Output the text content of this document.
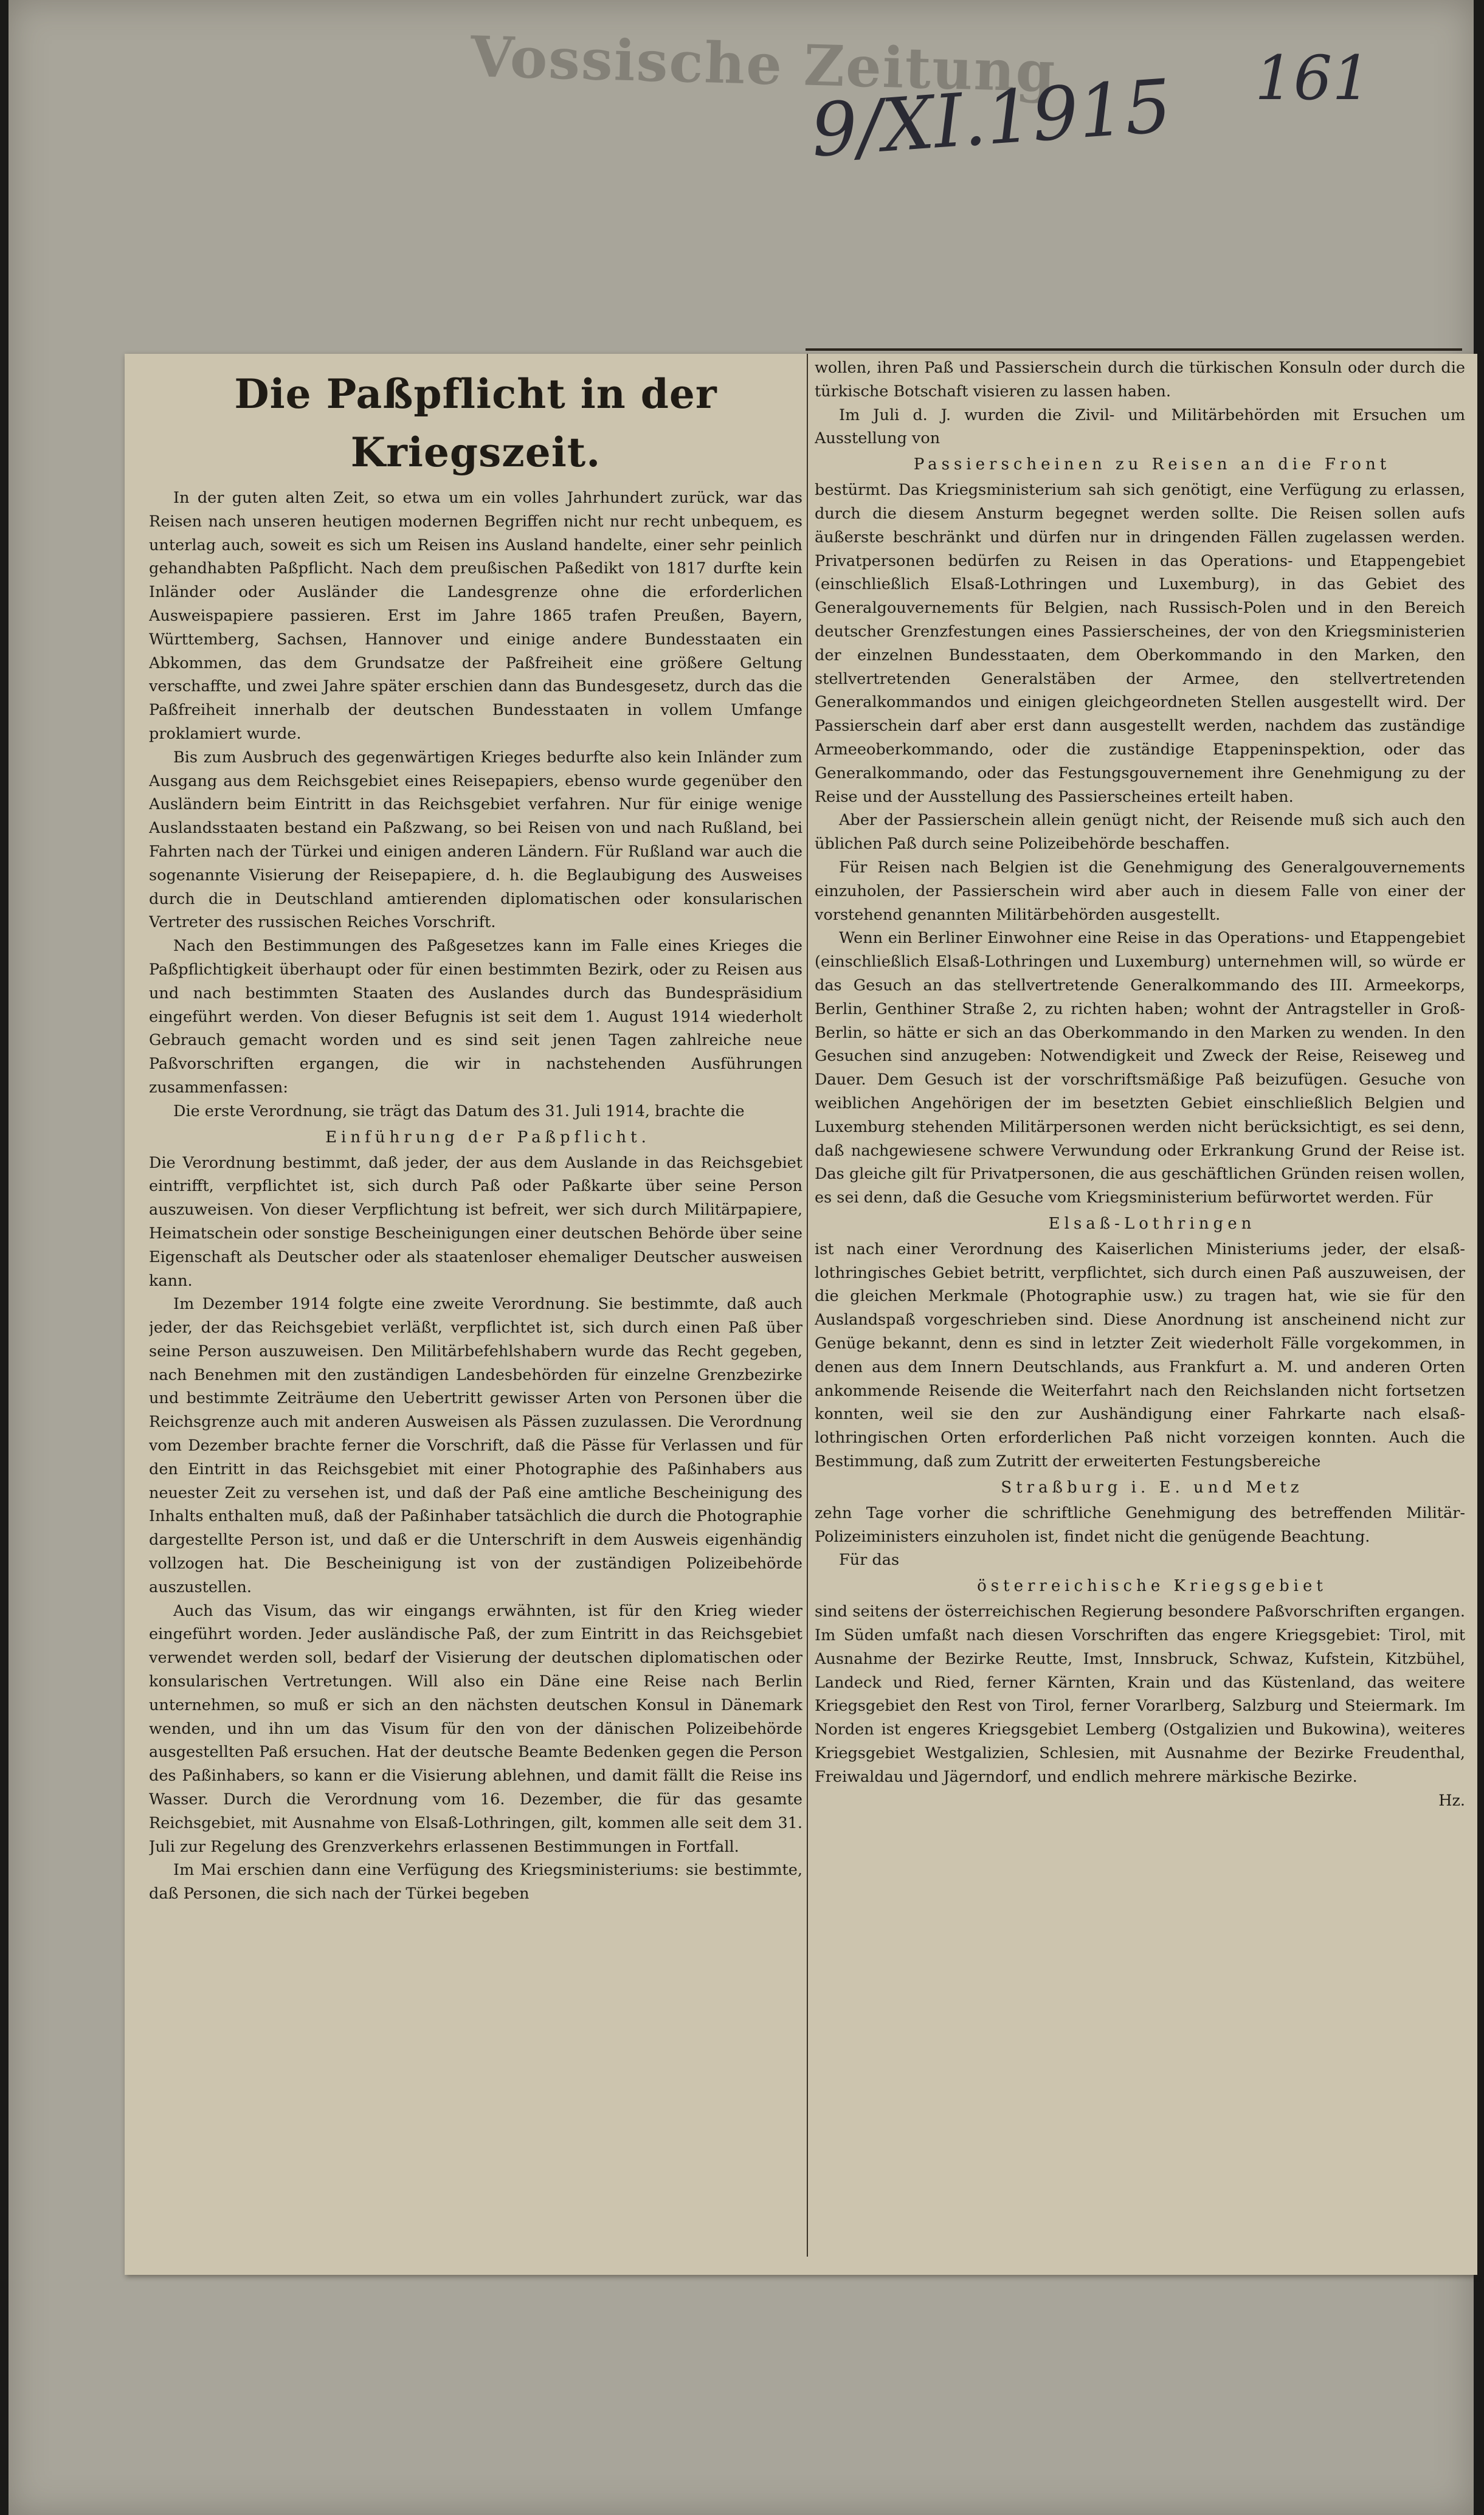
Vossische Zeitung
9/XI.1915 161
Die Paßpflicht in der Kriegszeit.

In der guten alten Zeit, so etwa um ein volles Jahrhundert zurück, war das Reisen nach unseren heutigen modernen Begriffen nicht nur recht unbequem, es unterlag auch, soweit es sich um Reisen ins Ausland handelte, einer sehr peinlich gehandhabten Paßpflicht. Nach dem preußischen Paßedikt von 1817 durfte kein Inländer oder Ausländer die Landesgrenze ohne die erforderlichen Ausweispapiere passieren. Erst im Jahre 1865 trafen Preußen, Bayern, Württemberg, Sachsen, Hannover und einige andere Bundesstaaten ein Abkommen, das dem Grundsatze der Paßfreiheit eine größere Geltung verschaffte, und zwei Jahre später erschien dann das Bundesgesetz, durch das die Paßfreiheit innerhalb der deutschen Bundesstaaten in vollem Umfange proklamiert wurde.

Bis zum Ausbruch des gegenwärtigen Krieges bedurfte also kein Inländer zum Ausgang aus dem Reichsgebiet eines Reisepapiers, ebenso wurde gegenüber den Ausländern beim Eintritt in das Reichsgebiet verfahren. Nur für einige wenige Auslandsstaaten bestand ein Paßzwang, so bei Reisen von und nach Rußland, bei Fahrten nach der Türkei und einigen anderen Ländern. Für Rußland war auch die sogenannte Visierung der Reisepapiere, d. h. die Beglaubigung des Ausweises durch die in Deutschland amtierenden diplomatischen oder konsularischen Vertreter des russischen Reiches Vorschrift.

Nach den Bestimmungen des Paßgesetzes kann im Falle eines Krieges die Paßpflichtigkeit überhaupt oder für einen bestimmten Bezirk, oder zu Reisen aus und nach bestimmten Staaten des Auslandes durch das Bundespräsidium eingeführt werden. Von dieser Befugnis ist seit dem 1. August 1914 wiederholt Gebrauch gemacht worden und es sind seit jenen Tagen zahlreiche neue Paßvorschriften ergangen, die wir in nachstehenden Ausführungen zusammenfassen:

Die erste Verordnung, sie trägt das Datum des 31. Juli 1914, brachte die

Einführung der Paßpflicht.

Die Verordnung bestimmt, daß jeder, der aus dem Auslande in das Reichsgebiet eintrifft, verpflichtet ist, sich durch Paß oder Paßkarte über seine Person auszuweisen. Von dieser Verpflichtung ist befreit, wer sich durch Militärpapiere, Heimatschein oder sonstige Bescheinigungen einer deutschen Behörde über seine Eigenschaft als Deutscher oder als staatenloser ehemaliger Deutscher ausweisen kann.

Im Dezember 1914 folgte eine zweite Verordnung. Sie bestimmte, daß auch jeder, der das Reichsgebiet verläßt, verpflichtet ist, sich durch einen Paß über seine Person auszuweisen. Den Militärbefehlshabern wurde das Recht gegeben, nach Benehmen mit den zuständigen Landesbehörden für einzelne Grenzbezirke und bestimmte Zeiträume den Uebertritt gewisser Arten von Personen über die Reichsgrenze auch mit anderen Ausweisen als Pässen zuzulassen. Die Verordnung vom Dezember brachte ferner die Vorschrift, daß die Pässe für Verlassen und für den Eintritt in das Reichsgebiet mit einer Photographie des Paßinhabers aus neuester Zeit zu versehen ist, und daß der Paß eine amtliche Bescheinigung des Inhalts enthalten muß, daß der Paßinhaber tatsächlich die durch die Photographie dargestellte Person ist, und daß er die Unterschrift in dem Ausweis eigenhändig vollzogen hat. Die Bescheinigung ist von der zuständigen Polizeibehörde auszustellen.

Auch das Visum, das wir eingangs erwähnten, ist für den Krieg wieder eingeführt worden. Jeder ausländische Paß, der zum Eintritt in das Reichsgebiet verwendet werden soll, bedarf der Visierung der deutschen diplomatischen oder konsularischen Vertretungen. Will also ein Däne eine Reise nach Berlin unternehmen, so muß er sich an den nächsten deutschen Konsul in Dänemark wenden, und ihn um das Visum für den von der dänischen Polizeibehörde ausgestellten Paß ersuchen. Hat der deutsche Beamte Bedenken gegen die Person des Paßinhabers, so kann er die Visierung ablehnen, und damit fällt die Reise ins Wasser. Durch die Verordnung vom 16. Dezember, die für das gesamte Reichsgebiet, mit Ausnahme von Elsaß-Lothringen, gilt, kommen alle seit dem 31. Juli zur Regelung des Grenzverkehrs erlassenen Bestimmungen in Fortfall.

Im Mai erschien dann eine Verfügung des Kriegsministeriums: sie bestimmte, daß Personen, die sich nach der Türkei begeben

wollen, ihren Paß und Passierschein durch die türkischen Konsuln oder durch die türkische Botschaft visieren zu lassen haben.

Im Juli d. J. wurden die Zivil- und Militärbehörden mit Ersuchen um Ausstellung von

Passierscheinen zu Reisen an die Front

bestürmt. Das Kriegsministerium sah sich genötigt, eine Verfügung zu erlassen, durch die diesem Ansturm begegnet werden sollte. Die Reisen sollen aufs äußerste beschränkt und dürfen nur in dringenden Fällen zugelassen werden. Privatpersonen bedürfen zu Reisen in das Operations- und Etappengebiet (einschließlich Elsaß-Lothringen und Luxemburg), in das Gebiet des Generalgouvernements für Belgien, nach Russisch-Polen und in den Bereich deutscher Grenzfestungen eines Passierscheines, der von den Kriegsministerien der einzelnen Bundesstaaten, dem Oberkommando in den Marken, den stellvertretenden Generalstäben der Armee, den stellvertretenden Generalkommandos und einigen gleichgeordneten Stellen ausgestellt wird. Der Passierschein darf aber erst dann ausgestellt werden, nachdem das zuständige Armeeoberkommando, oder die zuständige Etappeninspektion, oder das Generalkommando, oder das Festungsgouvernement ihre Genehmigung zu der Reise und der Ausstellung des Passierscheines erteilt haben.

Aber der Passierschein allein genügt nicht, der Reisende muß sich auch den üblichen Paß durch seine Polizeibehörde beschaffen.

Für Reisen nach Belgien ist die Genehmigung des Generalgouvernements einzuholen, der Passierschein wird aber auch in diesem Falle von einer der vorstehend genannten Militärbehörden ausgestellt.

Wenn ein Berliner Einwohner eine Reise in das Operations- und Etappengebiet (einschließlich Elsaß-Lothringen und Luxemburg) unternehmen will, so würde er das Gesuch an das stellvertretende Generalkommando des III. Armeekorps, Berlin, Genthiner Straße 2, zu richten haben; wohnt der Antragsteller in Groß-Berlin, so hätte er sich an das Oberkommando in den Marken zu wenden. In den Gesuchen sind anzugeben: Notwendigkeit und Zweck der Reise, Reiseweg und Dauer. Dem Gesuch ist der vorschriftsmäßige Paß beizufügen. Gesuche von weiblichen Angehörigen der im besetzten Gebiet einschließlich Belgien und Luxemburg stehenden Militärpersonen werden nicht berücksichtigt, es sei denn, daß nachgewiesene schwere Verwundung oder Erkrankung Grund der Reise ist. Das gleiche gilt für Privatpersonen, die aus geschäftlichen Gründen reisen wollen, es sei denn, daß die Gesuche vom Kriegsministerium befürwortet werden. Für

Elsaß-Lothringen

ist nach einer Verordnung des Kaiserlichen Ministeriums jeder, der elsaß-lothringisches Gebiet betritt, verpflichtet, sich durch einen Paß auszuweisen, der die gleichen Merkmale (Photographie usw.) zu tragen hat, wie sie für den Auslandspaß vorgeschrieben sind. Diese Anordnung ist anscheinend nicht zur Genüge bekannt, denn es sind in letzter Zeit wiederholt Fälle vorgekommen, in denen aus dem Innern Deutschlands, aus Frankfurt a. M. und anderen Orten ankommende Reisende die Weiterfahrt nach den Reichslanden nicht fortsetzen konnten, weil sie den zur Aushändigung einer Fahrkarte nach elsaß-lothringischen Orten erforderlichen Paß nicht vorzeigen konnten. Auch die Bestimmung, daß zum Zutritt der erweiterten Festungsbereiche

Straßburg i. E. und Metz

zehn Tage vorher die schriftliche Genehmigung des betreffenden Militär-Polizeiministers einzuholen ist, findet nicht die genügende Beachtung.

Für das

österreichische Kriegsgebiet

sind seitens der österreichischen Regierung besondere Paßvorschriften ergangen. Im Süden umfaßt nach diesen Vorschriften das engere Kriegsgebiet: Tirol, mit Ausnahme der Bezirke Reutte, Imst, Innsbruck, Schwaz, Kufstein, Kitzbühel, Landeck und Ried, ferner Kärnten, Krain und das Küstenland, das weitere Kriegsgebiet den Rest von Tirol, ferner Vorarlberg, Salzburg und Steiermark. Im Norden ist engeres Kriegsgebiet Lemberg (Ostgalizien und Bukowina), weiteres Kriegsgebiet Westgalizien, Schlesien, mit Ausnahme der Bezirke Freudenthal, Freiwaldau und Jägerndorf, und endlich mehrere märkische Bezirke.

Hz.
